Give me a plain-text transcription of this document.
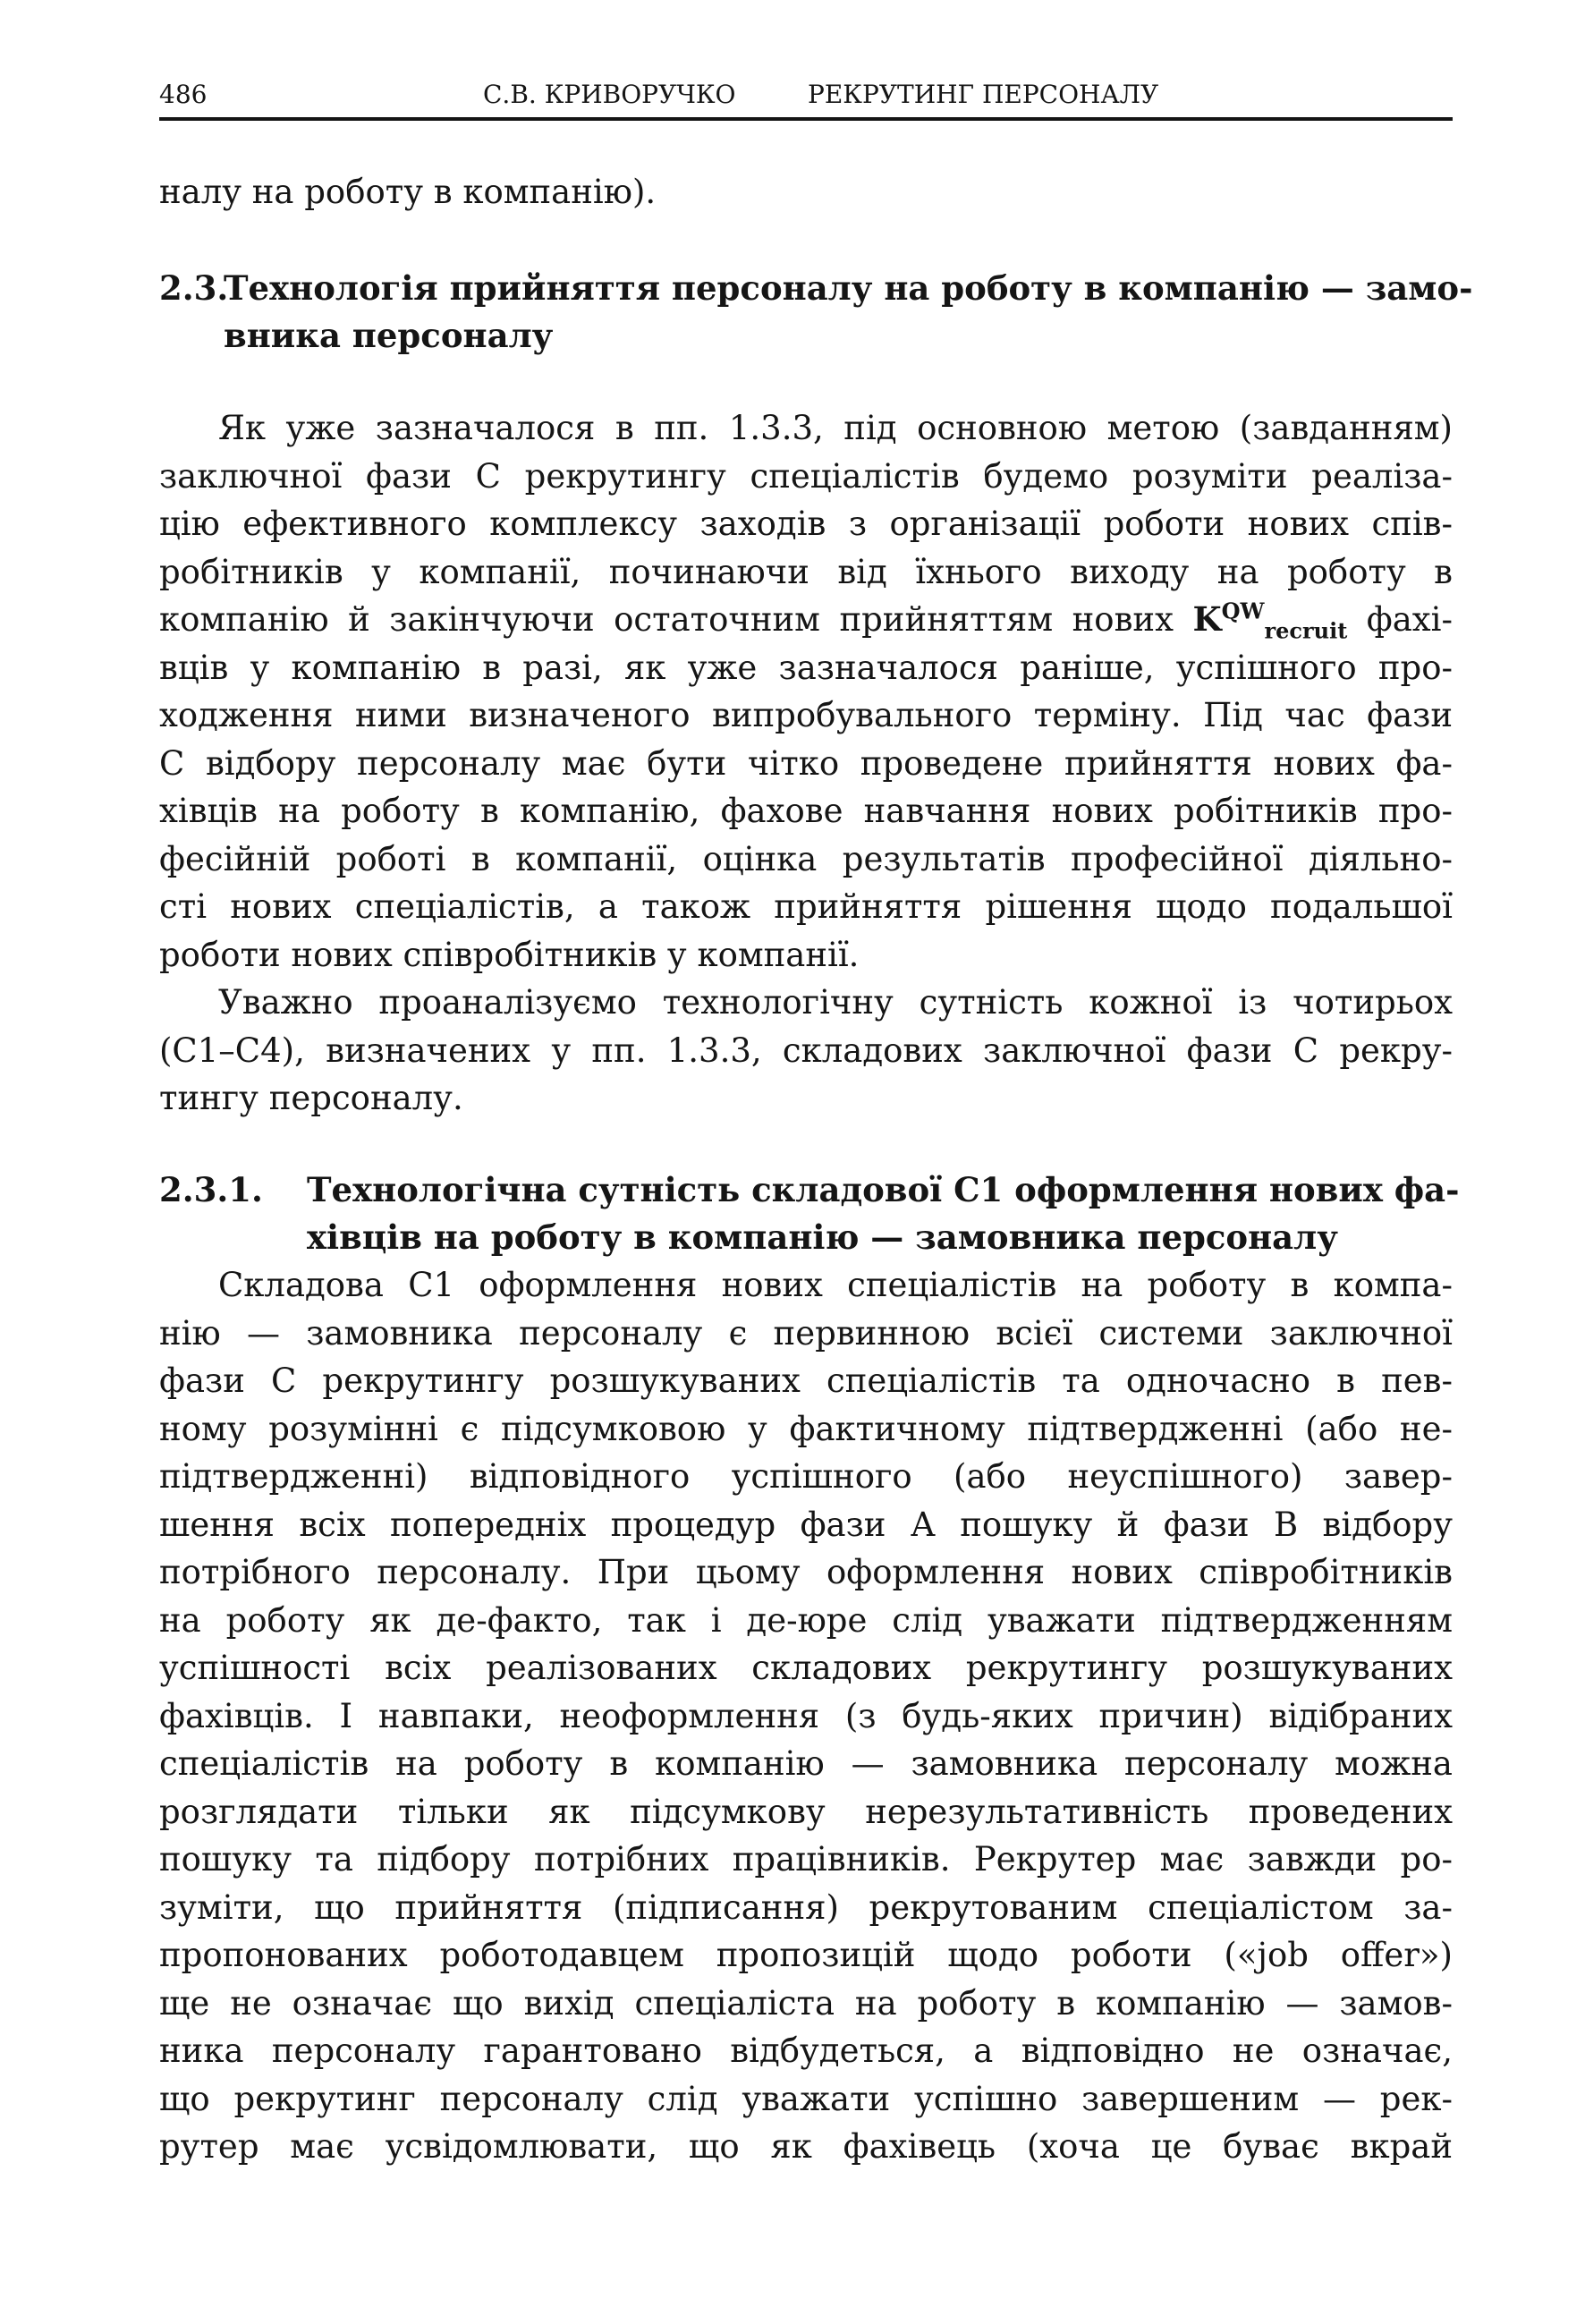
486	С.В. КРИВОРУЧКО	РЕКРУТИНГ ПЕРСОНАЛУ
налу на роботу в компанію).
2.3.
Технологія прийняття персоналу на роботу в компанію — замо-
вника персоналу
Як уже зазначалося в пп. 1.3.3, під основною метою (завданням)
заключної фази С рекрутингу спеціалістів будемо розуміти реаліза-
цію ефективного комплексу заходів з організації роботи нових спів-
робітників у компанії, починаючи від їхнього виходу на роботу в
компанію й закінчуючи остаточним прийняттям нових $K^{QW}_{recruit}$ фахі-
вців у компанію в разі, як уже зазначалося раніше, успішного про-
ходження ними визначеного випробувального терміну. Під час фази
С відбору персоналу має бути чітко проведене прийняття нових фа-
хівців на роботу в компанію, фахове навчання нових робітників про-
фесійній роботі в компанії, оцінка результатів професійної діяльно-
сті нових спеціалістів, а також прийняття рішення щодо подальшої
роботи нових співробітників у компанії.
Уважно проаналізуємо технологічну сутність кожної із чотирьох
(С1–С4), визначених у пп. 1.3.3, складових заключної фази С рекру-
тингу персоналу.
2.3.1. Технологічна сутність складової С1 оформлення нових фа-
хівців на роботу в компанію — замовника персоналу
Складова С1 оформлення нових спеціалістів на роботу в компа-
нію — замовника персоналу є первинною всієї системи заключної
фази С рекрутингу розшукуваних спеціалістів та одночасно в пев-
ному розумінні є підсумковою у фактичному підтвердженні (або не-
підтвердженні) відповідного успішного (або неуспішного) завер-
шення всіх попередніх процедур фази А пошуку й фази В відбору
потрібного персоналу. При цьому оформлення нових співробітників
на роботу як де-факто, так і де-юре слід уважати підтвердженням
успішності всіх реалізованих складових рекрутингу розшукуваних
фахівців. І навпаки, неоформлення (з будь-яких причин) відібраних
спеціалістів на роботу в компанію — замовника персоналу можна
розглядати тільки як підсумкову нерезультативність проведених
пошуку та підбору потрібних працівників. Рекрутер має завжди ро-
зуміти, що прийняття (підписання) рекрутованим спеціалістом за-
пропонованих роботодавцем пропозицій щодо роботи («job offer»)
ще не означає що вихід спеціаліста на роботу в компанію — замов-
ника персоналу гарантовано відбудеться, а відповідно не означає,
що рекрутинг персоналу слід уважати успішно завершеним — рек-
рутер має усвідомлювати, що як фахівець (хоча це буває вкрай
